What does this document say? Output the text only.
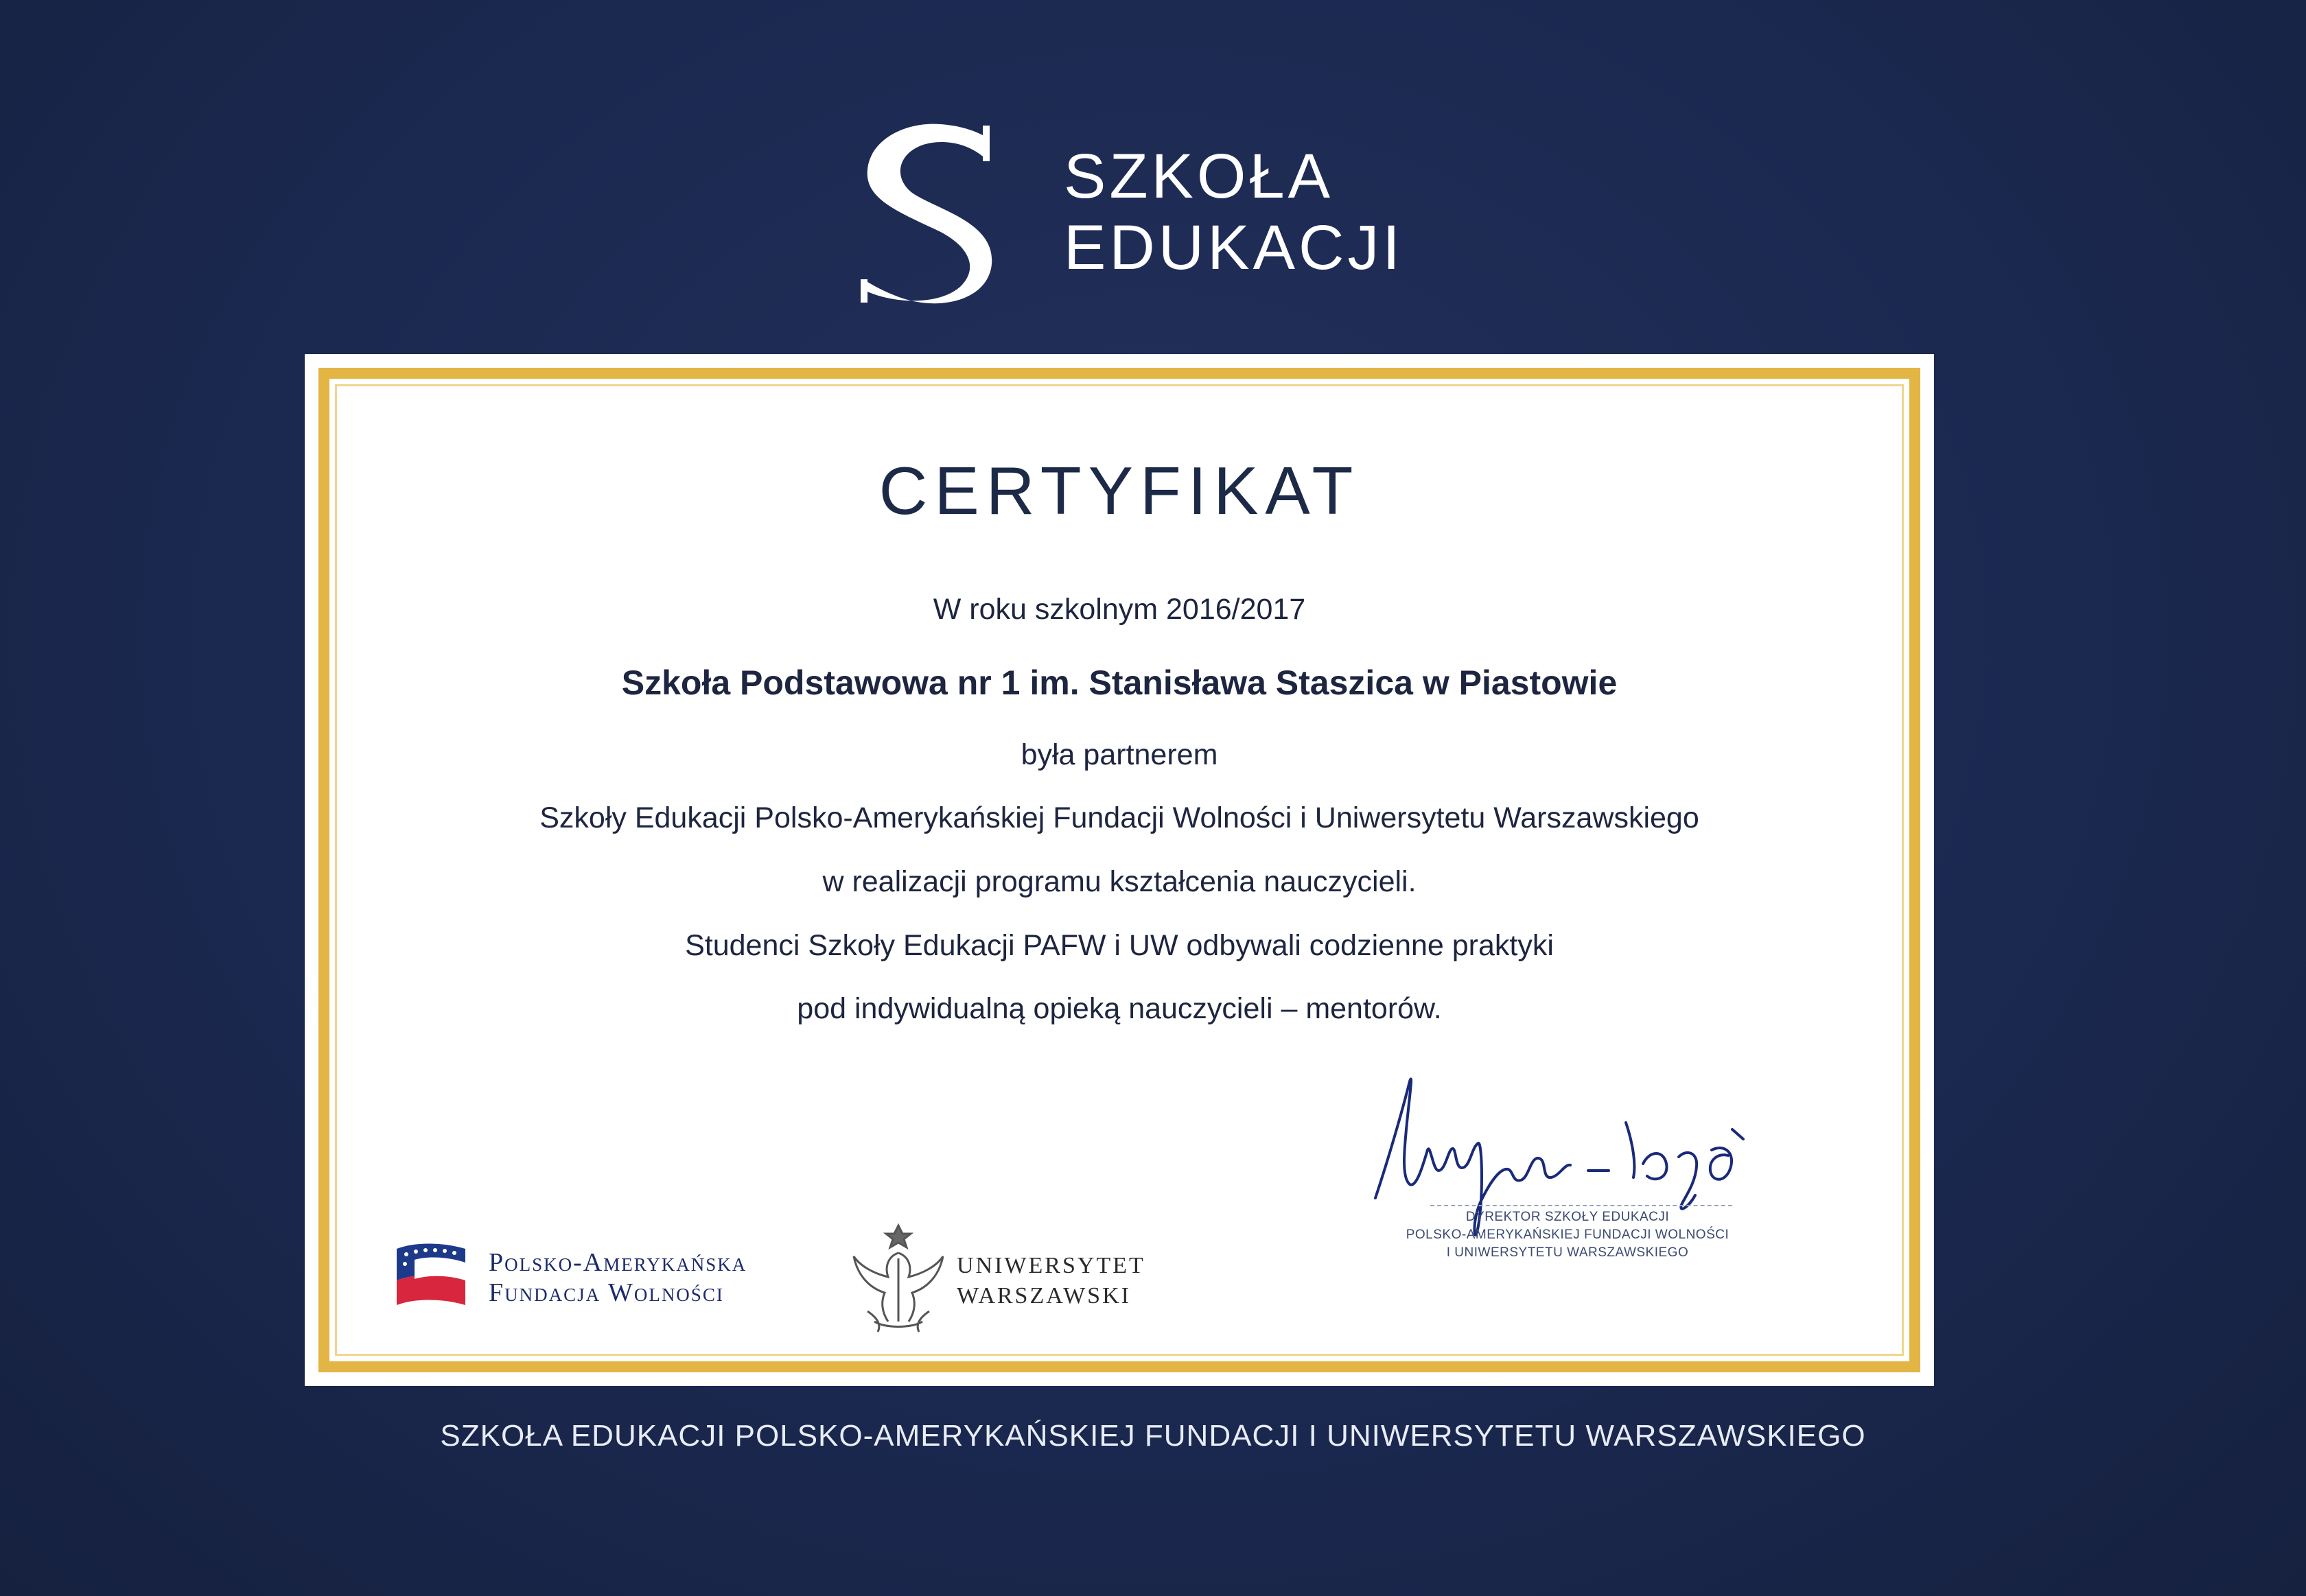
SZKOŁA
EDUKACJI
CERTYFIKAT
W roku szkolnym 2016/2017
Szkoła Podstawowa nr 1 im. Stanisława Staszica w Piastowie
była partnerem
Szkoły Edukacji Polsko-Amerykańskiej Fundacji Wolności i Uniwersytetu Warszawskiego
w realizacji programu kształcenia nauczycieli.
Studenci Szkoły Edukacji PAFW i UW odbywali codzienne praktyki
pod indywidualną opieką nauczycieli – mentorów.
Polsko-Amerykańska
Fundacja Wolności
UNIWERSYTET
WARSZAWSKI
DYREKTOR SZKOŁY EDUKACJI
POLSKO-AMERYKAŃSKIEJ FUNDACJI WOLNOŚCI
I UNIWERSYTETU WARSZAWSKIEGO
SZKOŁA EDUKACJI POLSKO-AMERYKAŃSKIEJ FUNDACJI I UNIWERSYTETU WARSZAWSKIEGO
